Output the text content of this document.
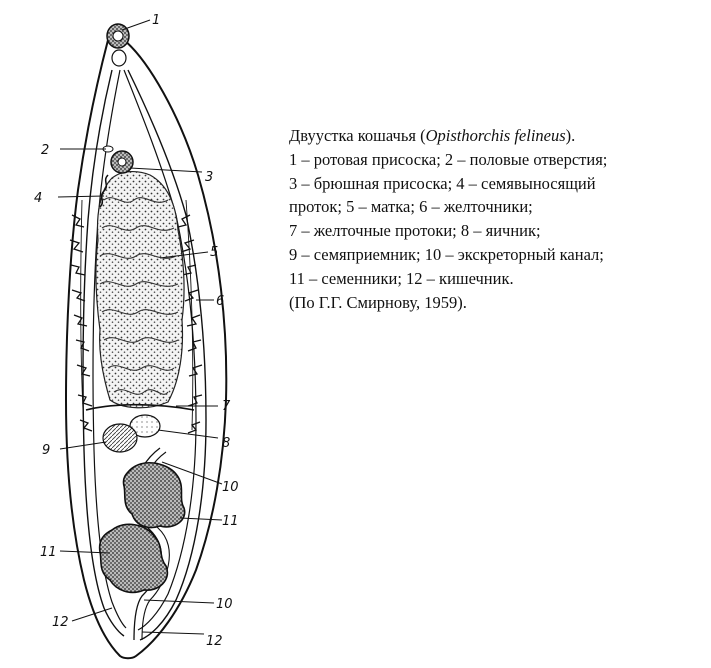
1
2
3
4
5
6
7
8
9
10
11
11
12
10
12
Двуустка кошачья (Opisthorchis felineus).
1 – ротовая присоска; 2 – половые отверстия;
3 – брюшная присоска; 4 – семявыносящий
проток; 5 – матка; 6 – желточники;
7 – желточные протоки; 8 – яичник;
9 – семяприемник; 10 – экскреторный канал;
11 – семенники; 12 – кишечник.
(По Г.Г. Смирнову, 1959).
